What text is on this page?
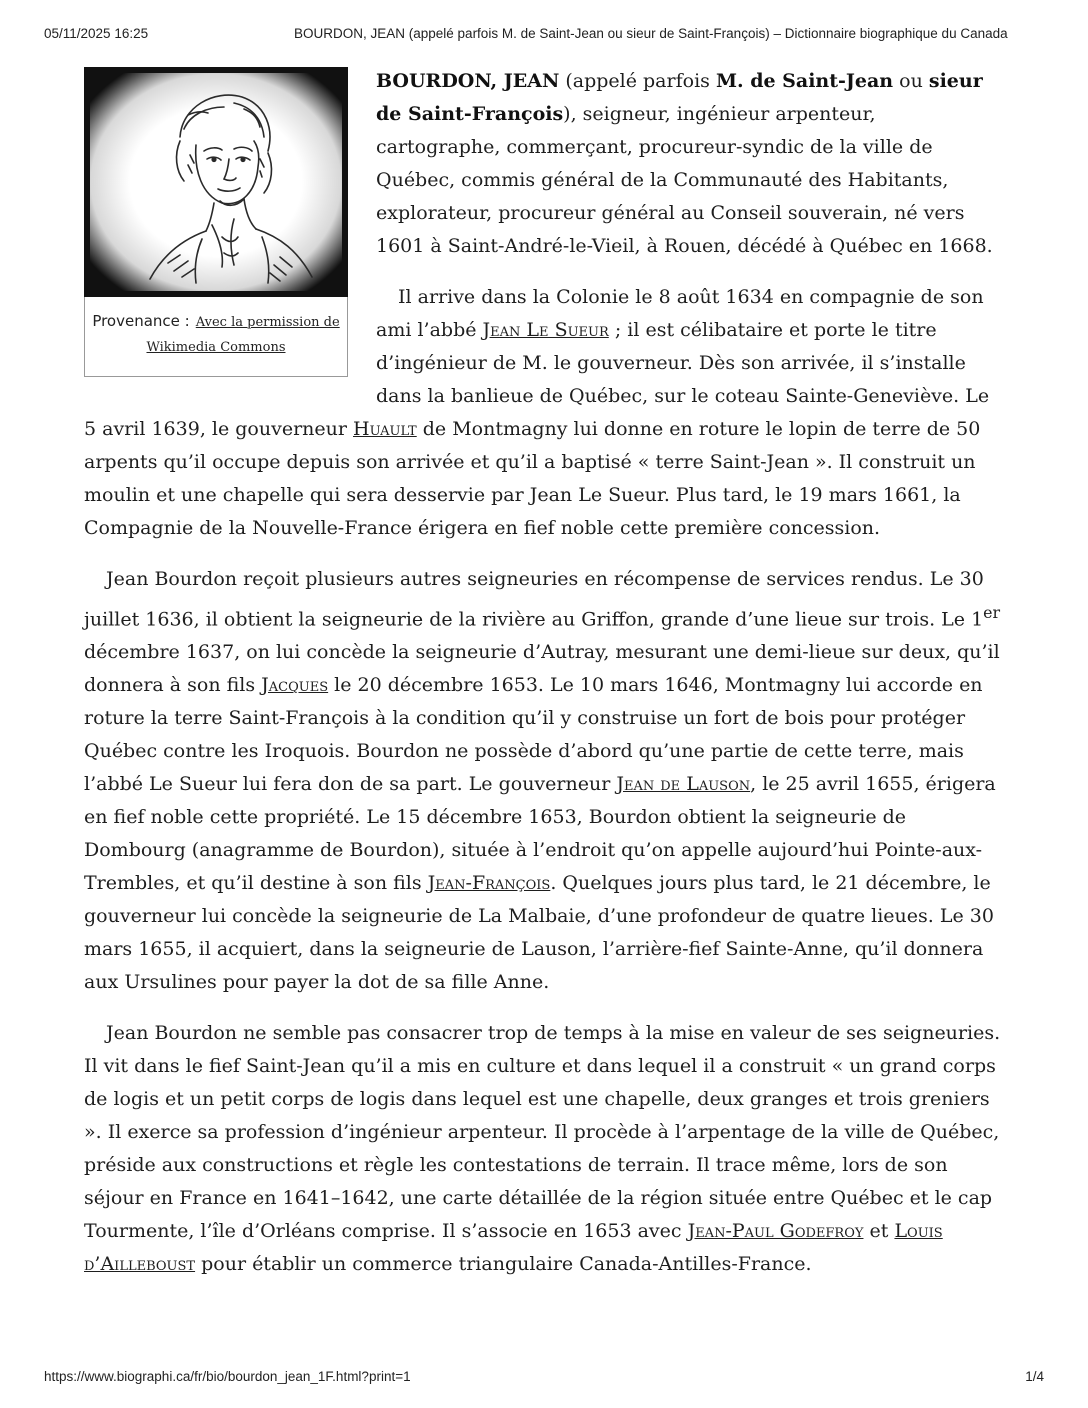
05/11/2025 16:25	BOURDON, JEAN (appelé parfois M. de Saint-Jean ou sieur de Saint-François) – Dictionnaire biographique du Canada
Provenance : Avec la permission de Wikimedia Commons

BOURDON, JEAN (appelé parfois M. de Saint-Jean ou sieur de Saint-François), seigneur, ingénieur arpenteur, cartographe, commerçant, procureur-syndic de la ville de Québec, commis général de la Communauté des Habitants, explorateur, procureur général au Conseil souverain, né vers 1601 à Saint-André-le-Vieil, à Rouen, décédé à Québec en 1668.

Il arrive dans la Colonie le 8 août 1634 en compagnie de son ami l’abbé Jean Le Sueur ; il est célibataire et porte le titre d’ingénieur de M. le gouverneur. Dès son arrivée, il s’installe dans la banlieue de Québec, sur le coteau Sainte-Geneviève. Le 5 avril 1639, le gouverneur Huault de Montmagny lui donne en roture le lopin de terre de 50 arpents qu’il occupe depuis son arrivée et qu’il a baptisé « terre Saint-Jean ». Il construit un moulin et une chapelle qui sera desservie par Jean Le Sueur. Plus tard, le 19 mars 1661, la Compagnie de la Nouvelle-France érigera en fief noble cette première concession.

Jean Bourdon reçoit plusieurs autres seigneuries en récompense de services rendus. Le 30 juillet 1636, il obtient la seigneurie de la rivière au Griffon, grande d’une lieue sur trois. Le 1er décembre 1637, on lui concède la seigneurie d’Autray, mesurant une demi-lieue sur deux, qu’il donnera à son fils Jacques le 20 décembre 1653. Le 10 mars 1646, Montmagny lui accorde en roture la terre Saint-François à la condition qu’il y construise un fort de bois pour protéger Québec contre les Iroquois. Bourdon ne possède d’abord qu’une partie de cette terre, mais l’abbé Le Sueur lui fera don de sa part. Le gouverneur Jean de Lauson, le 25 avril 1655, érigera en fief noble cette propriété. Le 15 décembre 1653, Bourdon obtient la seigneurie de Dombourg (anagramme de Bourdon), située à l’endroit qu’on appelle aujourd’hui Pointe-aux-Trembles, et qu’il destine à son fils Jean-François. Quelques jours plus tard, le 21 décembre, le gouverneur lui concède la seigneurie de La Malbaie, d’une profondeur de quatre lieues. Le 30 mars 1655, il acquiert, dans la seigneurie de Lauson, l’arrière-fief Sainte-Anne, qu’il donnera aux Ursulines pour payer la dot de sa fille Anne.

Jean Bourdon ne semble pas consacrer trop de temps à la mise en valeur de ses seigneuries. Il vit dans le fief Saint-Jean qu’il a mis en culture et dans lequel il a construit « un grand corps de logis et un petit corps de logis dans lequel est une chapelle, deux granges et trois greniers ». Il exerce sa profession d’ingénieur arpenteur. Il procède à l’arpentage de la ville de Québec, préside aux constructions et règle les contestations de terrain. Il trace même, lors de son séjour en France en 1641–1642, une carte détaillée de la région située entre Québec et le cap Tourmente, l’île d’Orléans comprise. Il s’associe en 1653 avec Jean-Paul Godefroy et Louis d’Ailleboust pour établir un commerce triangulaire Canada-Antilles-France.

https://www.biographi.ca/fr/bio/bourdon_jean_1F.html?print=1	1/4
